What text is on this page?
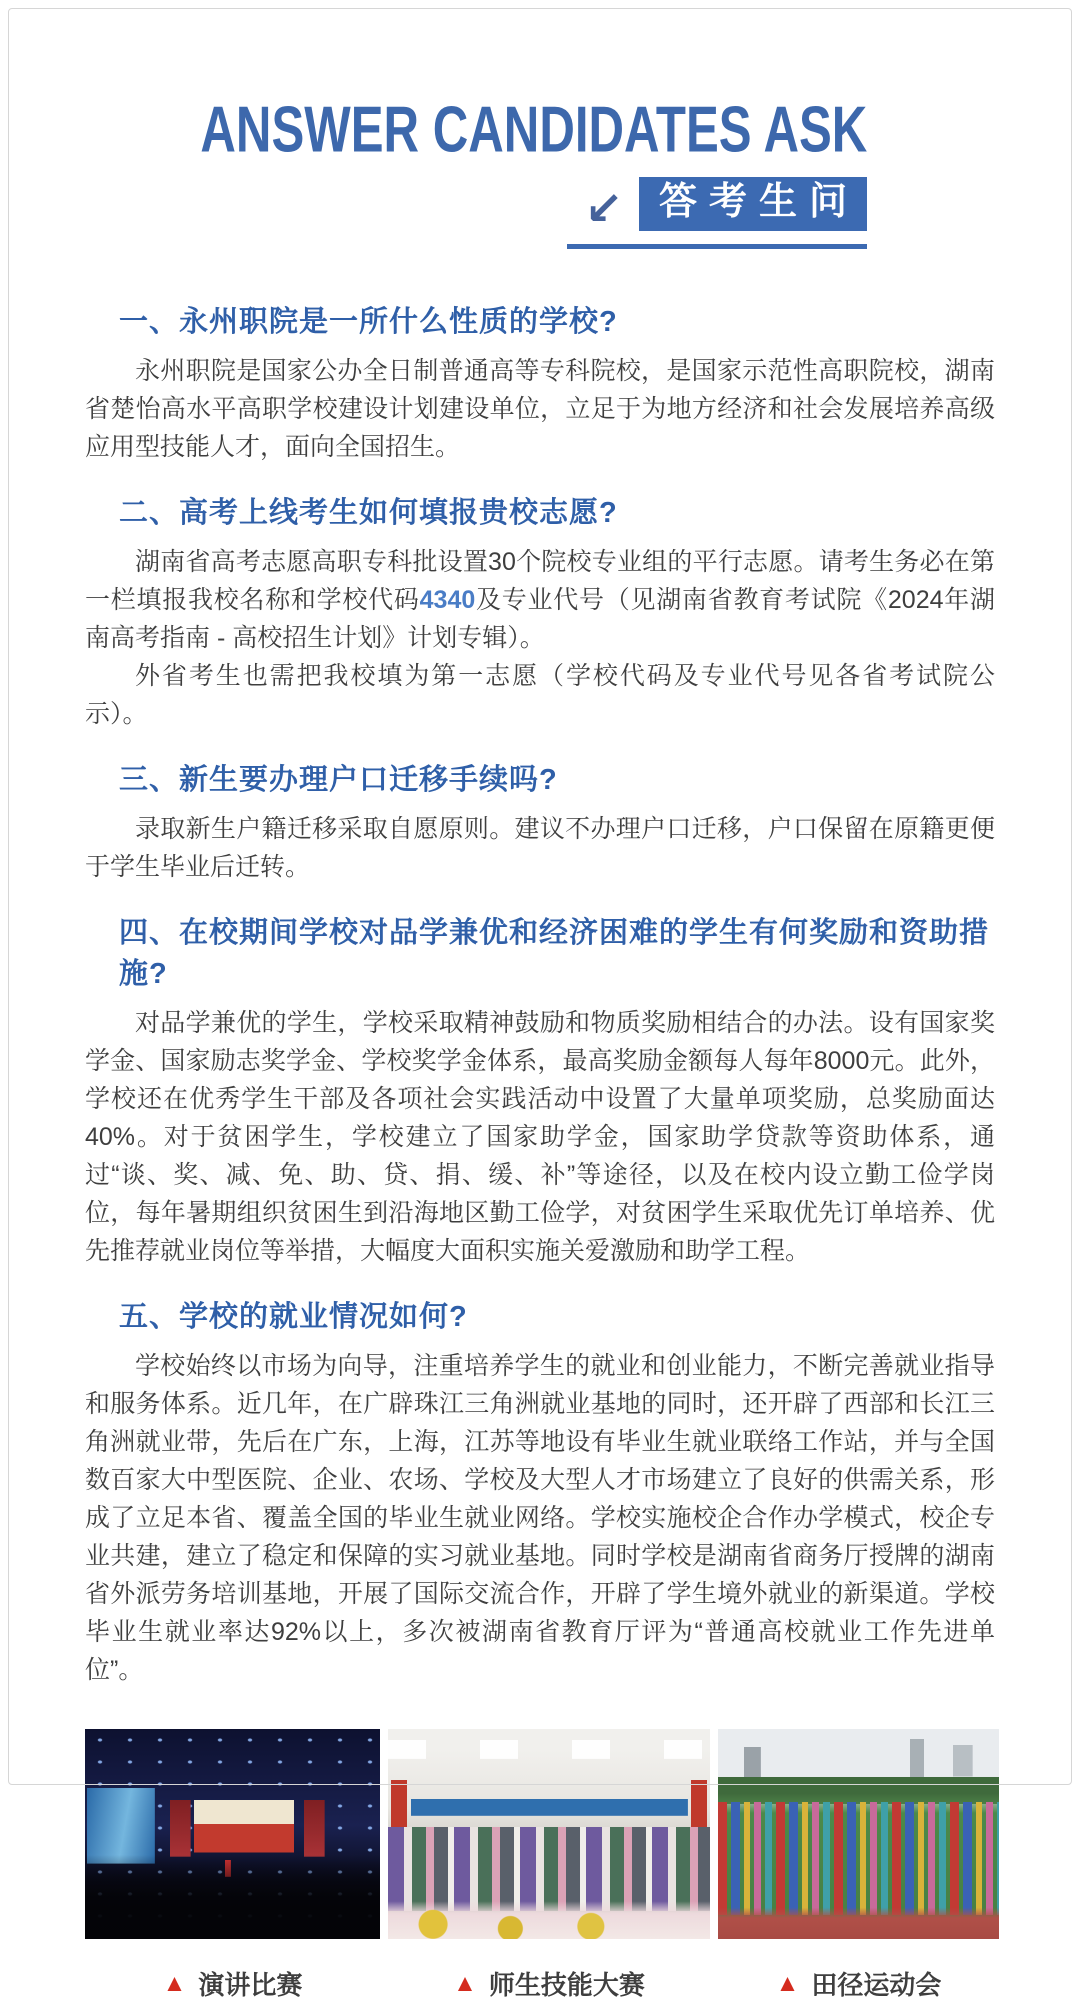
ANSWER CANDIDATES ASK
↙ 答考生问
一、永州职院是一所什么性质的学校?

永州职院是国家公办全日制普通高等专科院校，是国家示范性高职院校，湖南省楚怡高水平高职学校建设计划建设单位，立足于为地方经济和社会发展培养高级应用型技能人才，面向全国招生。

二、高考上线考生如何填报贵校志愿?

湖南省高考志愿高职专科批设置30个院校专业组的平行志愿。请考生务必在第一栏填报我校名称和学校代码4340及专业代号（见湖南省教育考试院《2024年湖南高考指南 - 高校招生计划》计划专辑）。

外省考生也需把我校填为第一志愿（学校代码及专业代号见各省考试院公示）。

三、新生要办理户口迁移手续吗?

录取新生户籍迁移采取自愿原则。建议不办理户口迁移，户口保留在原籍更便于学生毕业后迁转。

四、在校期间学校对品学兼优和经济困难的学生有何奖励和资助措施?

对品学兼优的学生，学校采取精神鼓励和物质奖励相结合的办法。设有国家奖学金、国家励志奖学金、学校奖学金体系，最高奖励金额每人每年8000元。此外，学校还在优秀学生干部及各项社会实践活动中设置了大量单项奖励，总奖励面达40%。对于贫困学生，学校建立了国家助学金，国家助学贷款等资助体系，通过“谈、奖、减、免、助、贷、捐、缓、补”等途径，以及在校内设立勤工俭学岗位，每年暑期组织贫困生到沿海地区勤工俭学，对贫困学生采取优先订单培养、优先推荐就业岗位等举措，大幅度大面积实施关爱激励和助学工程。

五、学校的就业情况如何?

学校始终以市场为向导，注重培养学生的就业和创业能力，不断完善就业指导和服务体系。近几年，在广辟珠江三角洲就业基地的同时，还开辟了西部和长江三角洲就业带，先后在广东，上海，江苏等地设有毕业生就业联络工作站，并与全国数百家大中型医院、企业、农场、学校及大型人才市场建立了良好的供需关系，形成了立足本省、覆盖全国的毕业生就业网络。学校实施校企合作办学模式，校企专业共建，建立了稳定和保障的实习就业基地。同时学校是湖南省商务厅授牌的湖南省外派劳务培训基地，开展了国际交流合作，开辟了学生境外就业的新渠道。学校毕业生就业率达92%以上，多次被湖南省教育厅评为“普通高校就业工作先进单位”。

▲ 演讲比赛	▲ 师生技能大赛	▲ 田径运动会
